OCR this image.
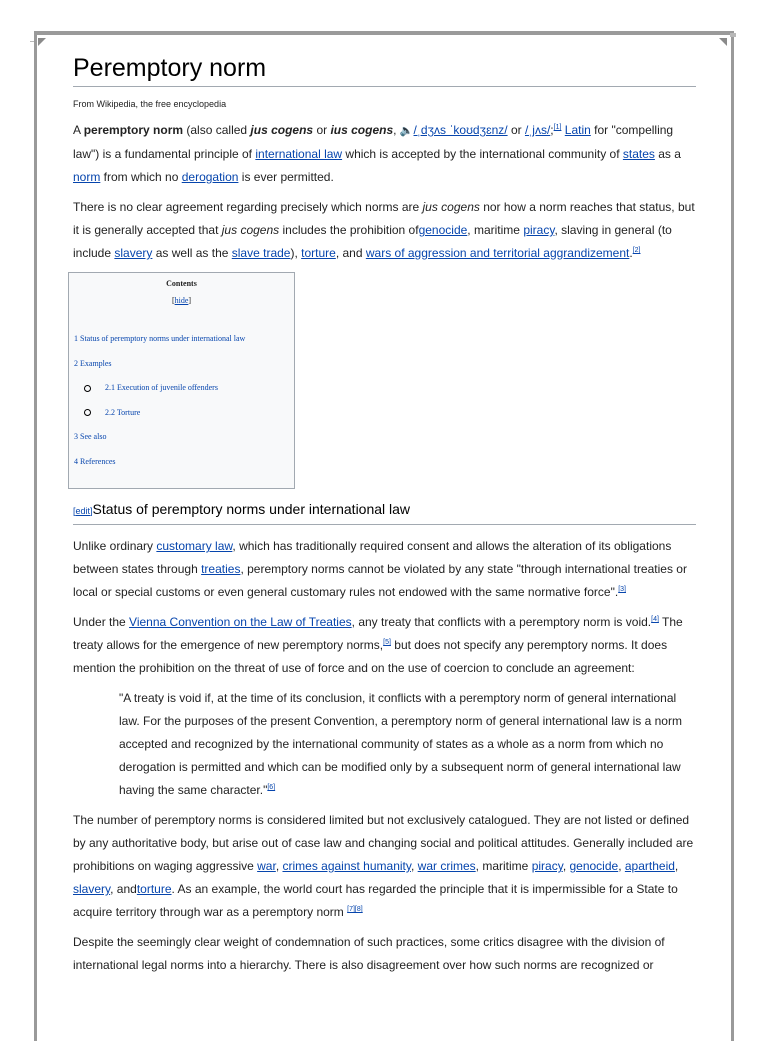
Peremptory norm
From Wikipedia, the free encyclopedia

A peremptory norm (also called jus cogens or ius cogens, 🔈/ˌdʒʌs ˈkoʊdʒɛnz/ or /ˌjʌs/;[1] Latin for "compelling law") is a fundamental principle of international law which is accepted by the international community of states as a norm from which no derogation is ever permitted.

There is no clear agreement regarding precisely which norms are jus cogens nor how a norm reaches that status, but it is generally accepted that jus cogens includes the prohibition ofgenocide, maritime piracy, slaving in general (to include slavery as well as the slave trade), torture, and wars of aggression and territorial aggrandizement.[2]

Contents
[hide]
1 Status of peremptory norms under international law
2 Examples
2.1 Execution of juvenile offenders
2.2 Torture
3 See also
4 References
[edit]Status of peremptory norms under international law

Unlike ordinary customary law, which has traditionally required consent and allows the alteration of its obligations between states through treaties, peremptory norms cannot be violated by any state "through international treaties or local or special customs or even general customary rules not endowed with the same normative force".[3]

Under the Vienna Convention on the Law of Treaties, any treaty that conflicts with a peremptory norm is void.[4] The treaty allows for the emergence of new peremptory norms,[5] but does not specify any peremptory norms. It does mention the prohibition on the threat of use of force and on the use of coercion to conclude an agreement:

"A treaty is void if, at the time of its conclusion, it conflicts with a peremptory norm of general international law. For the purposes of the present Convention, a peremptory norm of general international law is a norm accepted and recognized by the international community of states as a whole as a norm from which no derogation is permitted and which can be modified only by a subsequent norm of general international law having the same character."[6]

The number of peremptory norms is considered limited but not exclusively catalogued. They are not listed or defined by any authoritative body, but arise out of case law and changing social and political attitudes. Generally included are prohibitions on waging aggressive war, crimes against humanity, war crimes, maritime piracy, genocide, apartheid, slavery, andtorture. As an example, the world court has regarded the principle that it is impermissible for a State to acquire territory through war as a peremptory norm [7][8]

Despite the seemingly clear weight of condemnation of such practices, some critics disagree with the division of international legal norms into a hierarchy. There is also disagreement over how such norms are recognized or
